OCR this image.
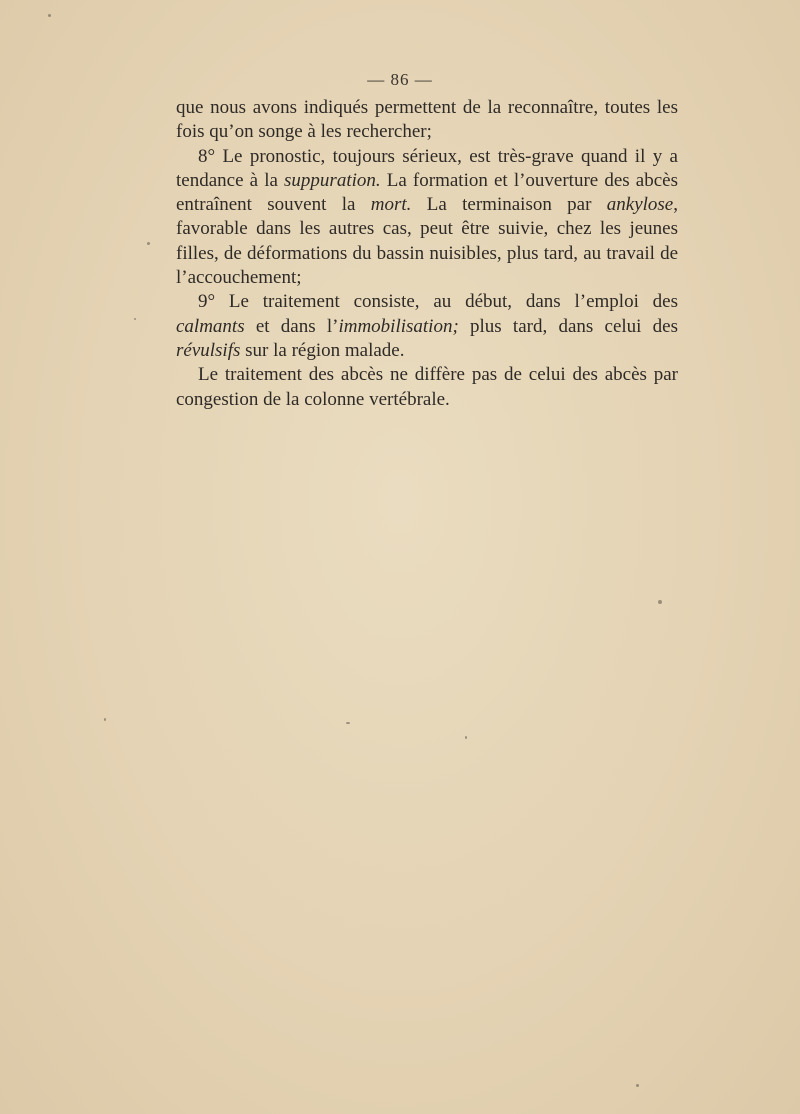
— 86 —

que nous avons indiqués permettent de la reconnaître, toutes les fois qu’on songe à les rechercher;

8° Le pronostic, toujours sérieux, est très-grave quand il y a tendance à la suppuration. La formation et l’ouverture des abcès entraînent souvent la mort. La terminaison par ankylose, favorable dans les autres cas, peut être suivie, chez les jeunes filles, de déformations du bassin nuisibles, plus tard, au travail de l’accouchement;

9° Le traitement consiste, au début, dans l’emploi des calmants et dans l’immobilisation; plus tard, dans celui des révulsifs sur la région malade.

Le traitement des abcès ne diffère pas de celui des abcès par congestion de la colonne vertébrale.
